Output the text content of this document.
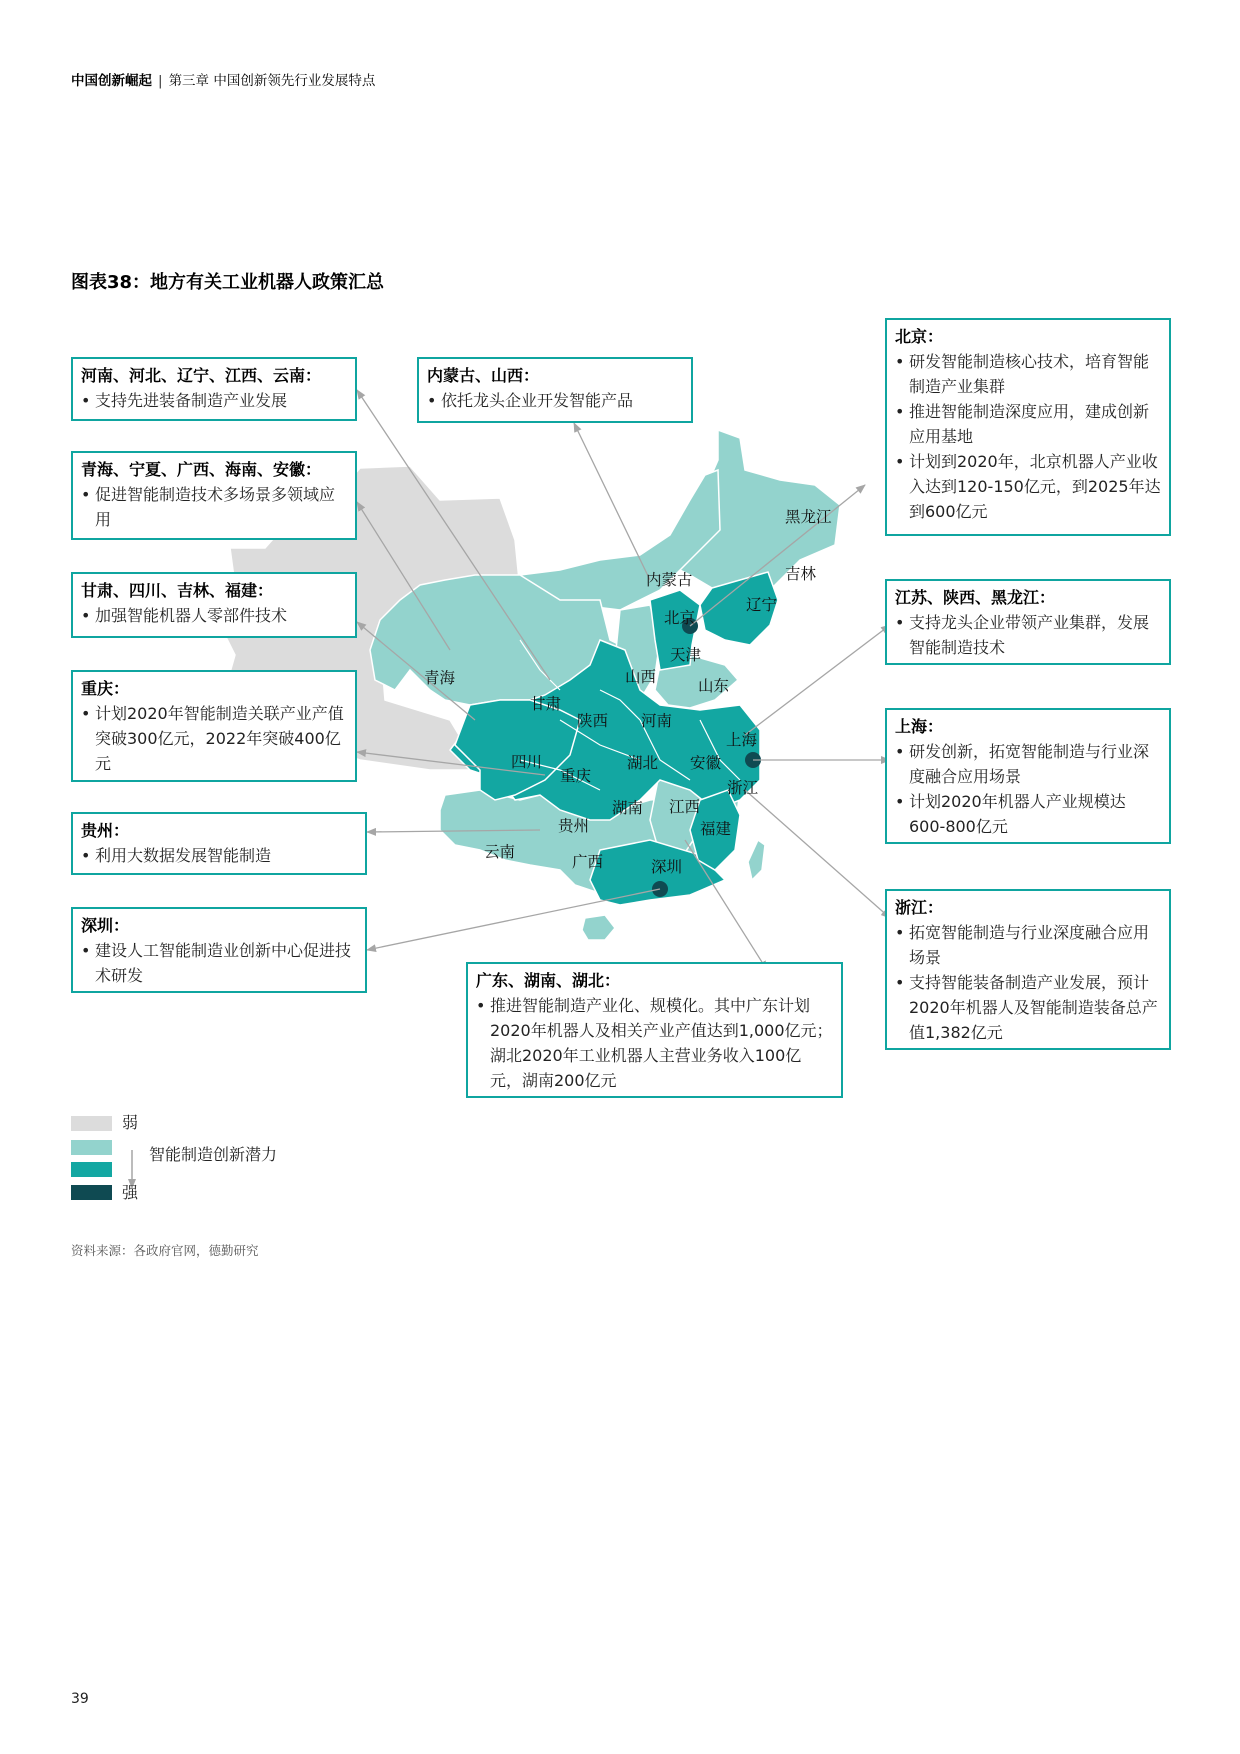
中国创新崛起 | 第三章 中国创新领先行业发展特点
图表38：地方有关工业机器人政策汇总
黑龙江
吉林
辽宁
内蒙古
北京
天津
山西	山东
青海
甘肃
陕西 河南
上海
四川	湖北 安徽
重庆
浙江
湖南 江西
贵州	福建
云南
广西	深圳
河南、河北、辽宁、江西、云南：
• 支持先进装备制造产业发展
青海、宁夏、广西、海南、安徽：
• 促进智能制造技术多场景多领域应用
甘肃、四川、吉林、福建：
• 加强智能机器人零部件技术
重庆：
• 计划2020年智能制造关联产业产值突破300亿元，2022年突破400亿元
贵州：
• 利用大数据发展智能制造
深圳：
• 建设人工智能制造业创新中心促进技术研发
内蒙古、山西：
• 依托龙头企业开发智能产品
北京：
• 研发智能制造核心技术，培育智能制造产业集群
• 推进智能制造深度应用，建成创新应用基地
• 计划到2020年，北京机器人产业收入达到120-150亿元，到2025年达到600亿元
江苏、陕西、黑龙江：
• 支持龙头企业带领产业集群，发展智能制造技术
上海：
• 研发创新，拓宽智能制造与行业深度融合应用场景
• 计划2020年机器人产业规模达600-800亿元
浙江：
• 拓宽智能制造与行业深度融合应用场景
• 支持智能装备制造产业发展，预计2020年机器人及智能制造装备总产值1,382亿元
广东、湖南、湖北：
• 推进智能制造产业化、规模化。其中广东计划2020年机器人及相关产业产值达到1,000亿元；湖北2020年工业机器人主营业务收入100亿元，湖南200亿元
弱
智能制造创新潜力
强
资料来源：各政府官网，德勤研究
39
